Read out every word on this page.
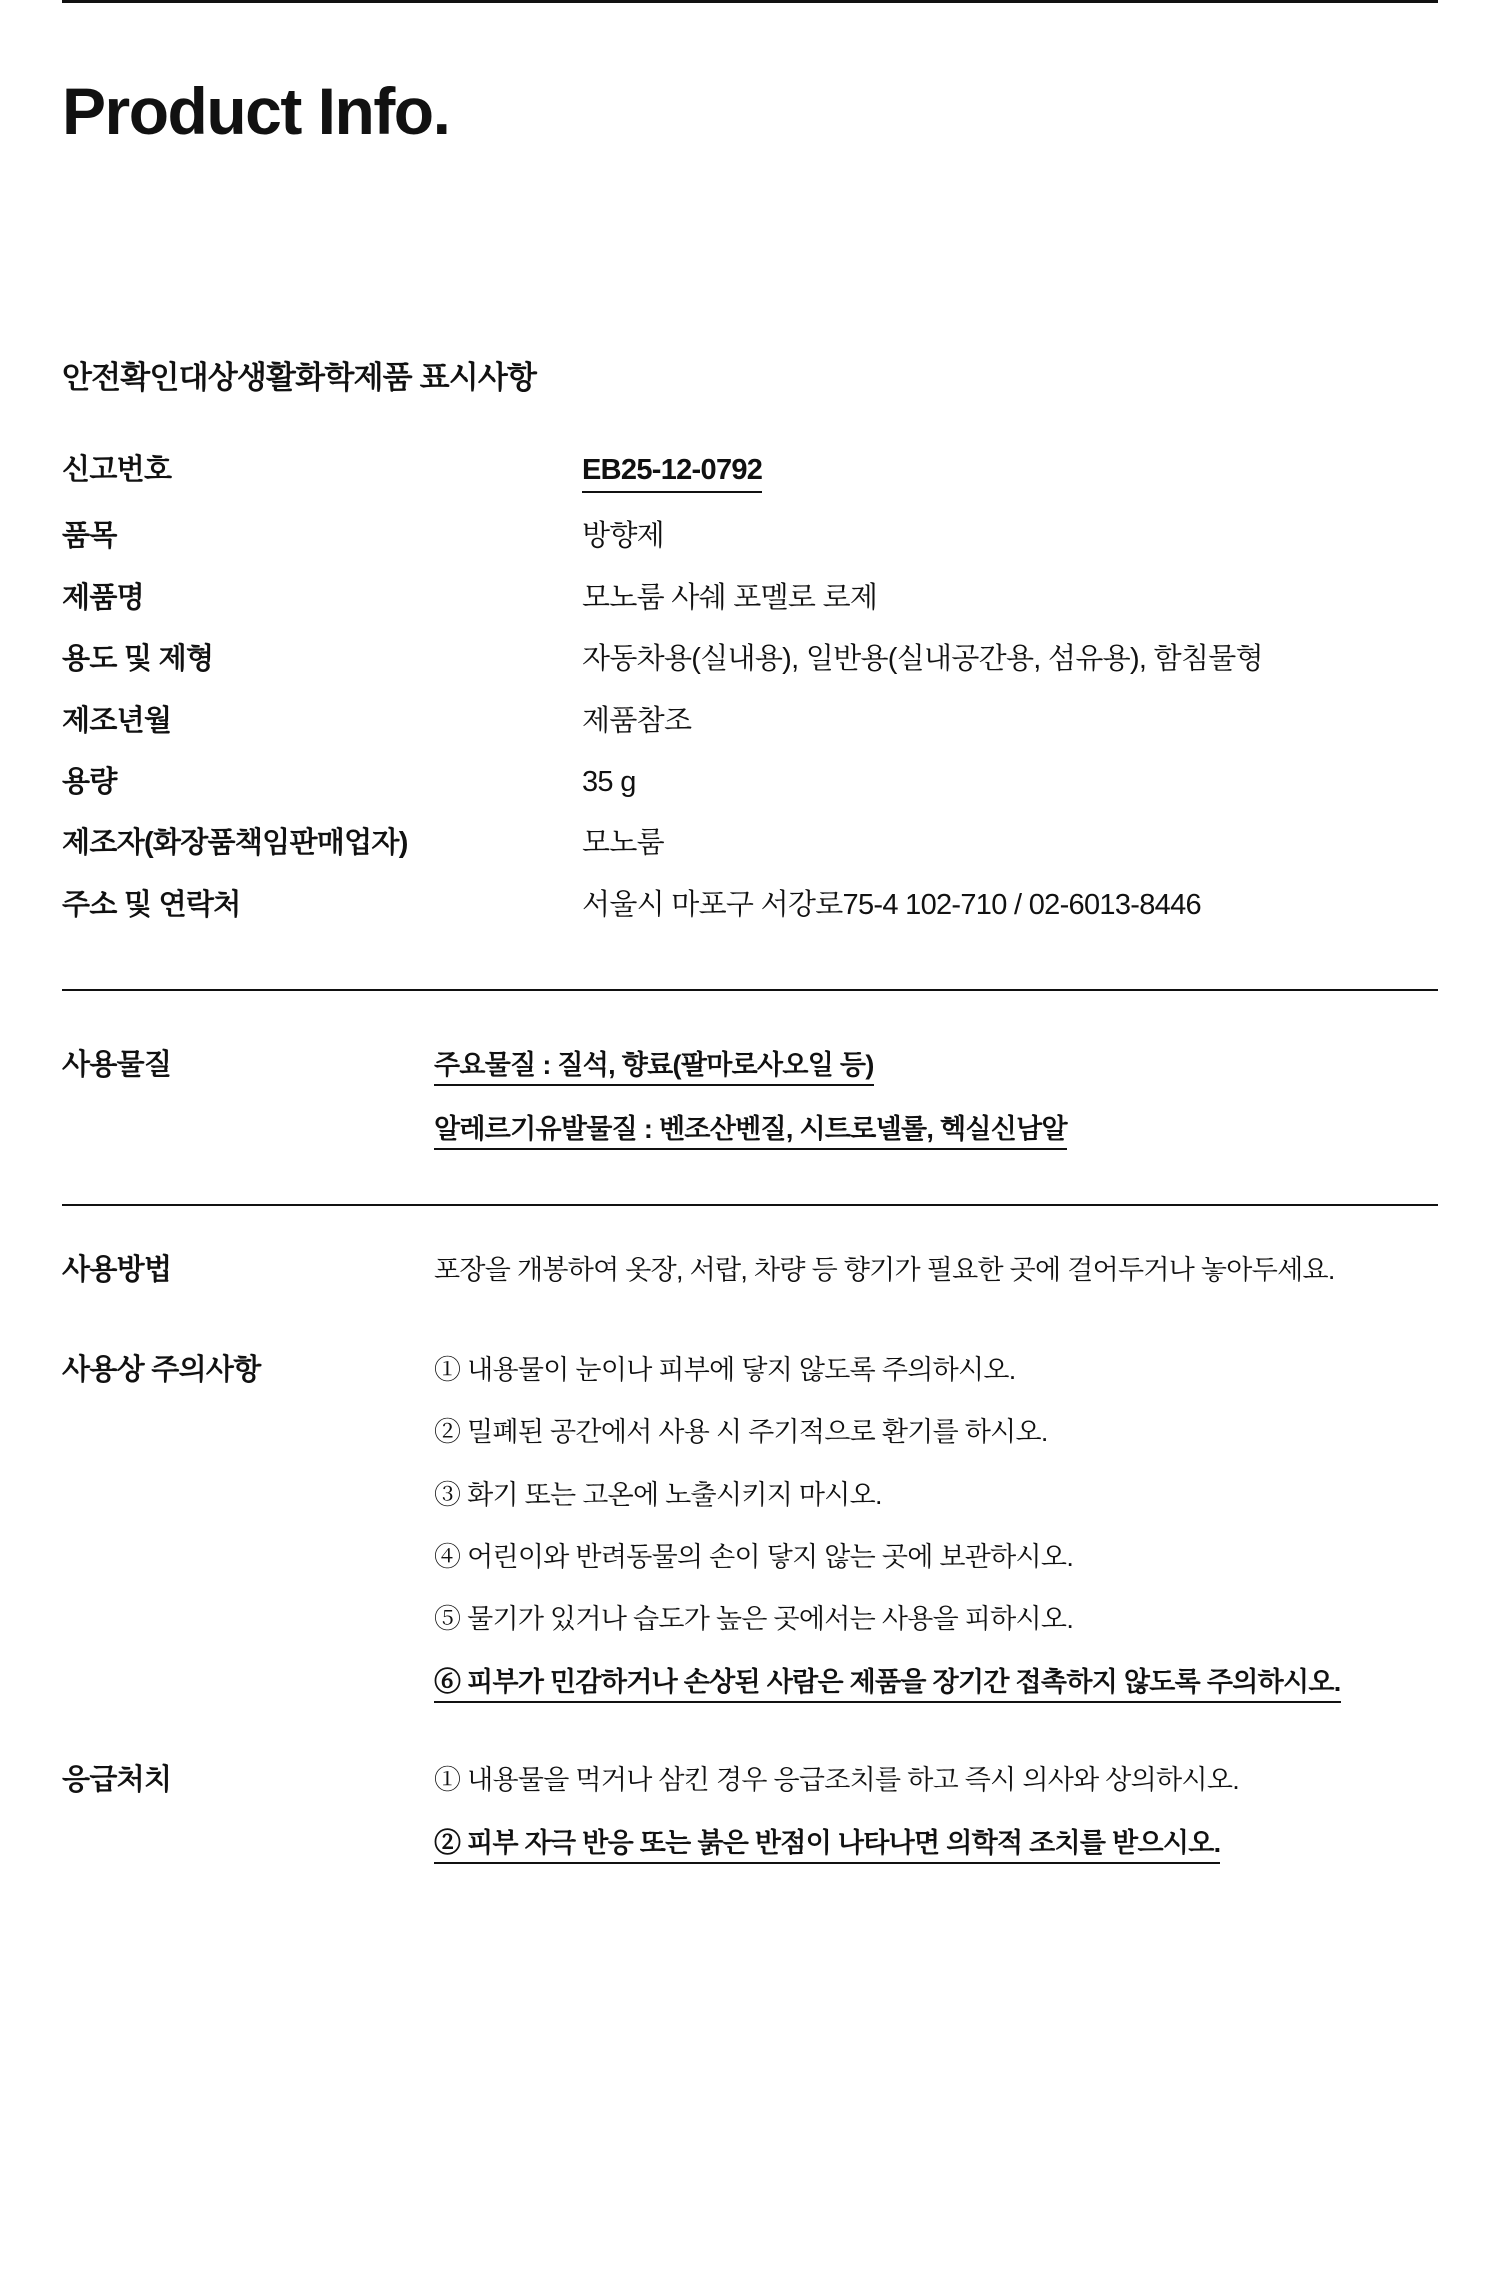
Product Info.
안전확인대상생활화학제품 표시사항
신고번호	EB25-12-0792
품목	방향제
제품명	모노룸 사쉐 포멜로 로제
용도 및 제형	자동차용(실내용), 일반용(실내공간용, 섬유용), 함침물형
제조년월	제품참조
용량	35 g
제조자(화장품책임판매업자)	모노룸
주소 및 연락처	서울시 마포구 서강로75-4 102-710 / 02-6013-8446
사용물질	주요물질 : 질석, 향료(팔마로사오일 등)
알레르기유발물질 : 벤조산벤질, 시트로넬롤, 헥실신남알
사용방법	포장을 개봉하여 옷장, 서랍, 차량 등 향기가 필요한 곳에 걸어두거나 놓아두세요.
사용상 주의사항	① 내용물이 눈이나 피부에 닿지 않도록 주의하시오.
② 밀폐된 공간에서 사용 시 주기적으로 환기를 하시오.
③ 화기 또는 고온에 노출시키지 마시오.
④ 어린이와 반려동물의 손이 닿지 않는 곳에 보관하시오.
⑤ 물기가 있거나 습도가 높은 곳에서는 사용을 피하시오.
⑥ 피부가 민감하거나 손상된 사람은 제품을 장기간 접촉하지 않도록 주의하시오.
응급처치	① 내용물을 먹거나 삼킨 경우 응급조치를 하고 즉시 의사와 상의하시오.
② 피부 자극 반응 또는 붉은 반점이 나타나면 의학적 조치를 받으시오.
